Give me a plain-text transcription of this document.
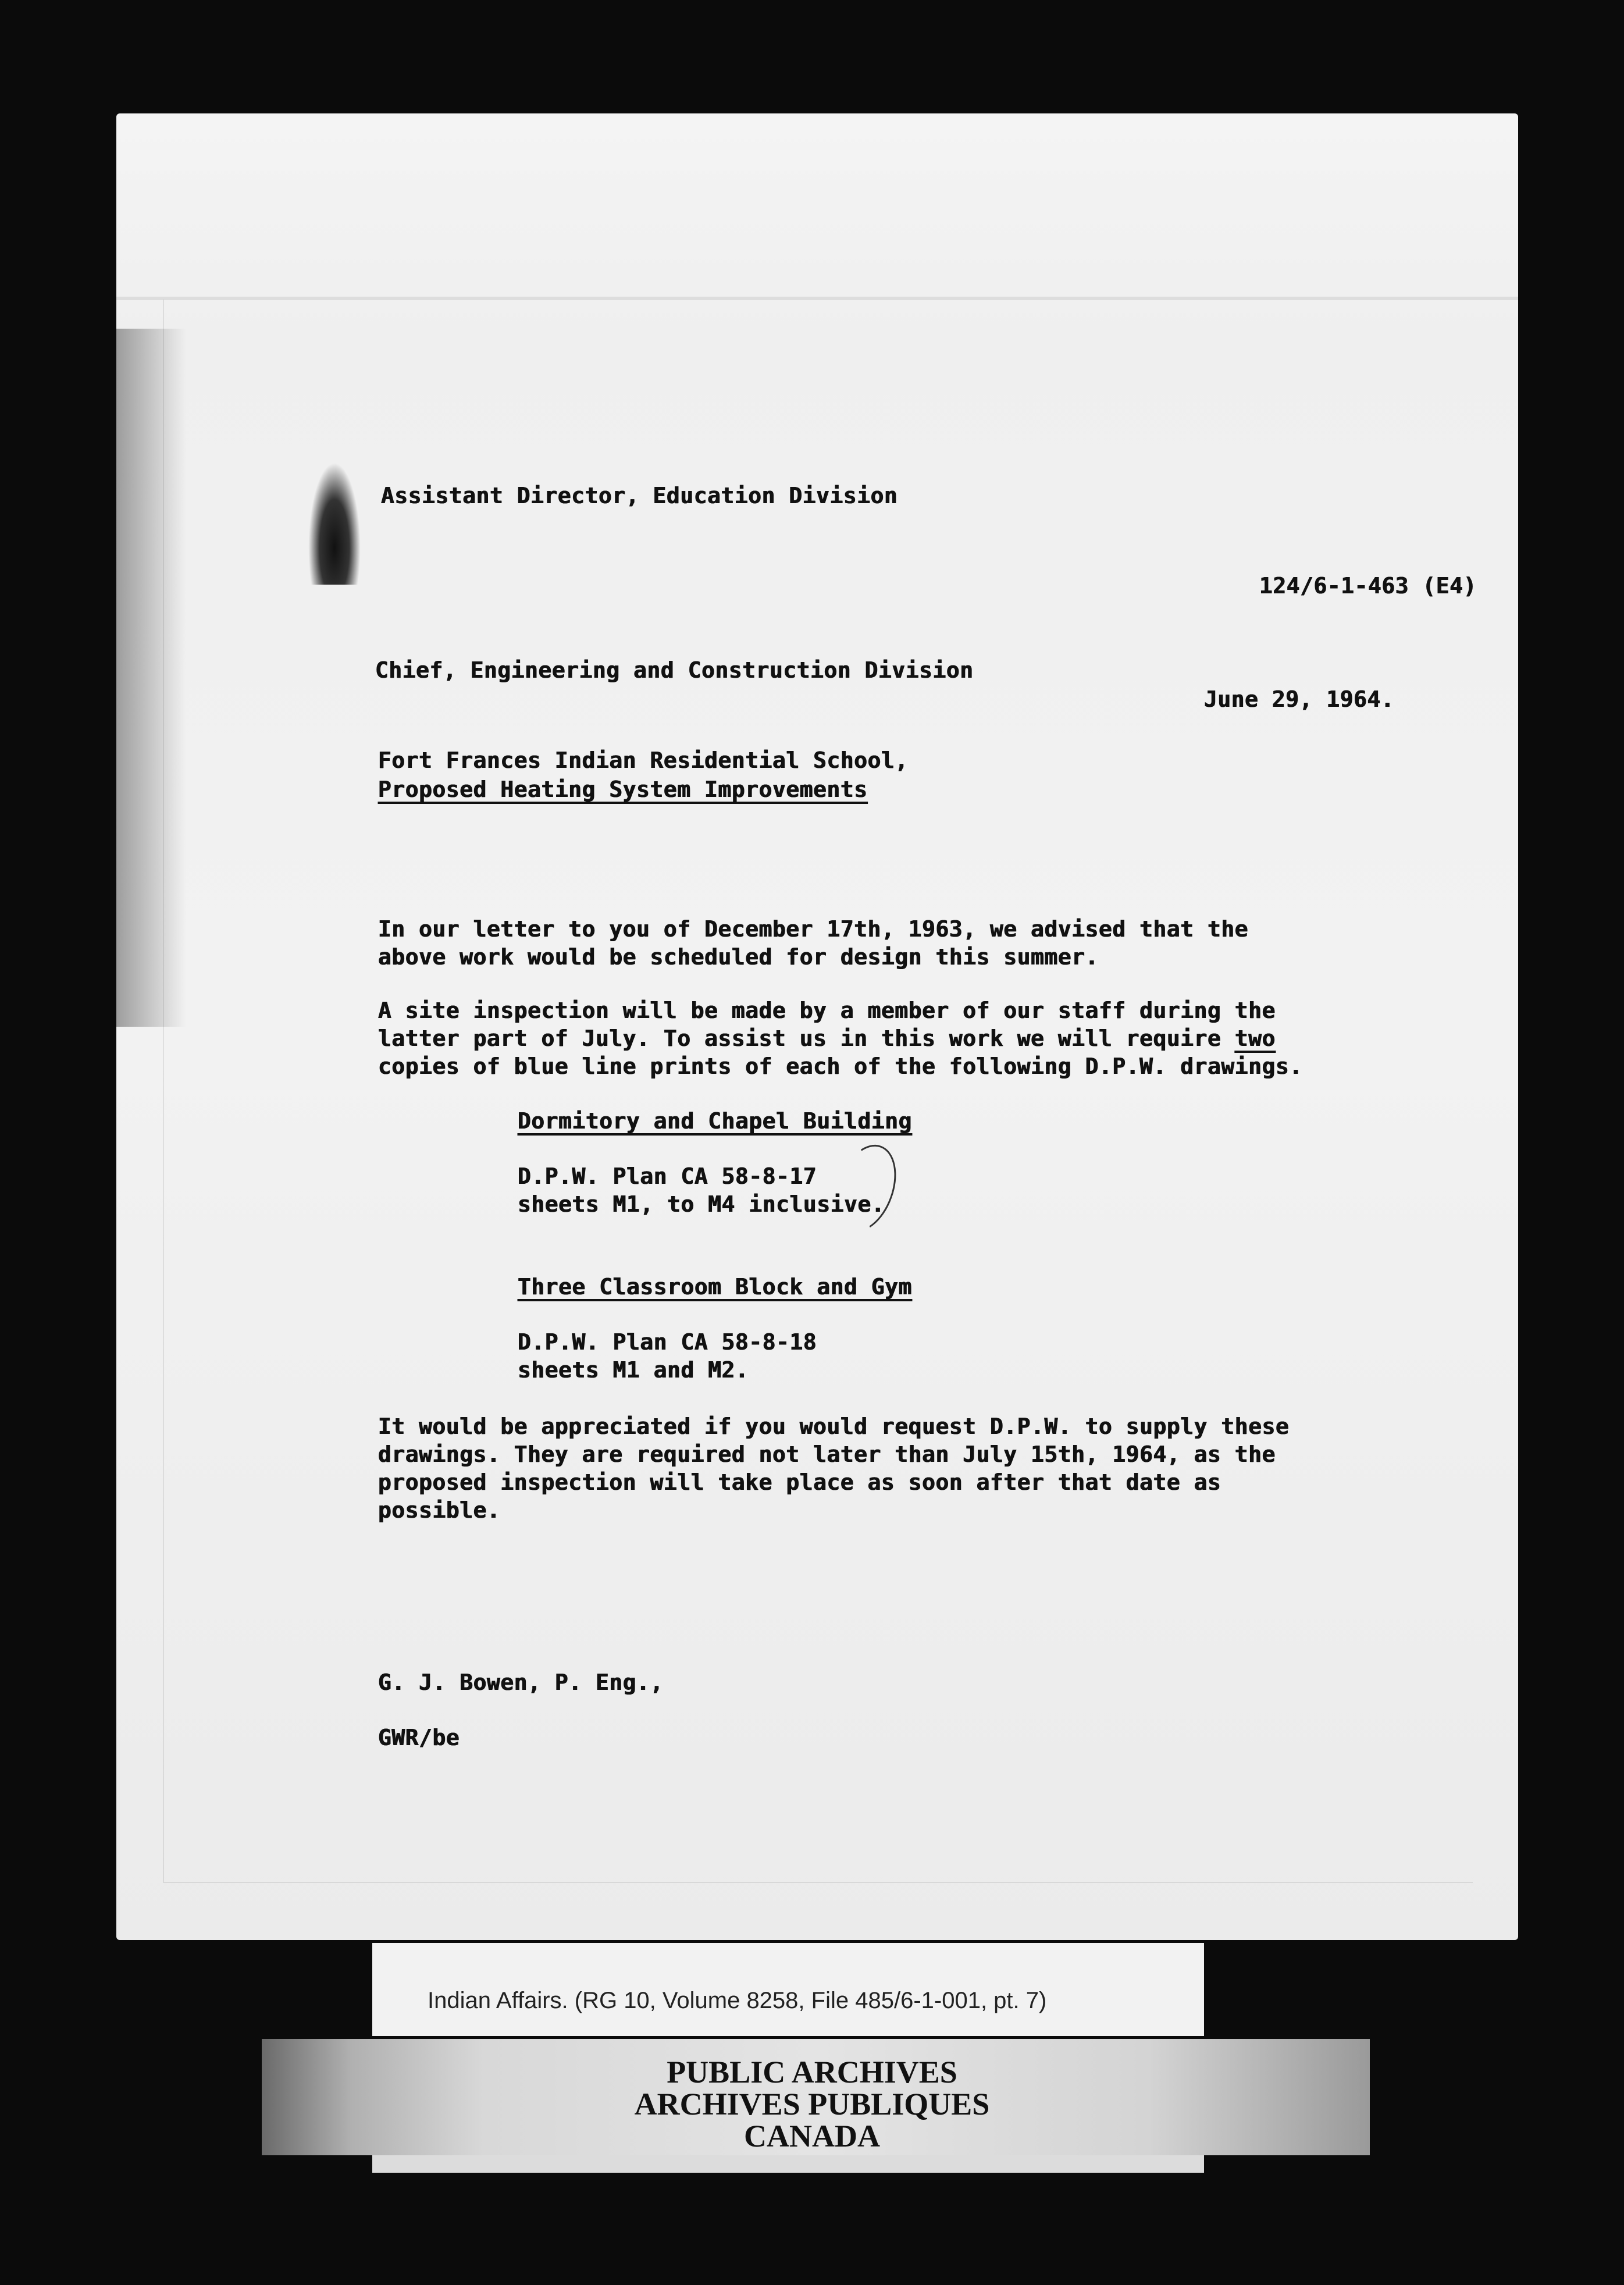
Assistant Director, Education Division
124/6-1-463 (E4)
Chief, Engineering and Construction Division
June 29, 1964.
Fort Frances Indian Residential School,
Proposed Heating System Improvements
In our letter to you of December 17th, 1963, we advised that the
above work would be scheduled for design this summer.
A site inspection will be made by a member of our staff during the
latter part of July. To assist us in this work we will require two
copies of blue line prints of each of the following D.P.W. drawings.
Dormitory and Chapel Building
D.P.W. Plan CA 58-8-17
sheets M1, to M4 inclusive.
Three Classroom Block and Gym
D.P.W. Plan CA 58-8-18
sheets M1 and M2.
It would be appreciated if you would request D.P.W. to supply these
drawings. They are required not later than July 15th, 1964, as the
proposed inspection will take place as soon after that date as
possible.
G. J. Bowen, P. Eng.,
GWR/be
Indian Affairs. (RG 10, Volume 8258, File 485/6-1-001, pt. 7)
PUBLIC ARCHIVES
ARCHIVES PUBLIQUES
CANADA
